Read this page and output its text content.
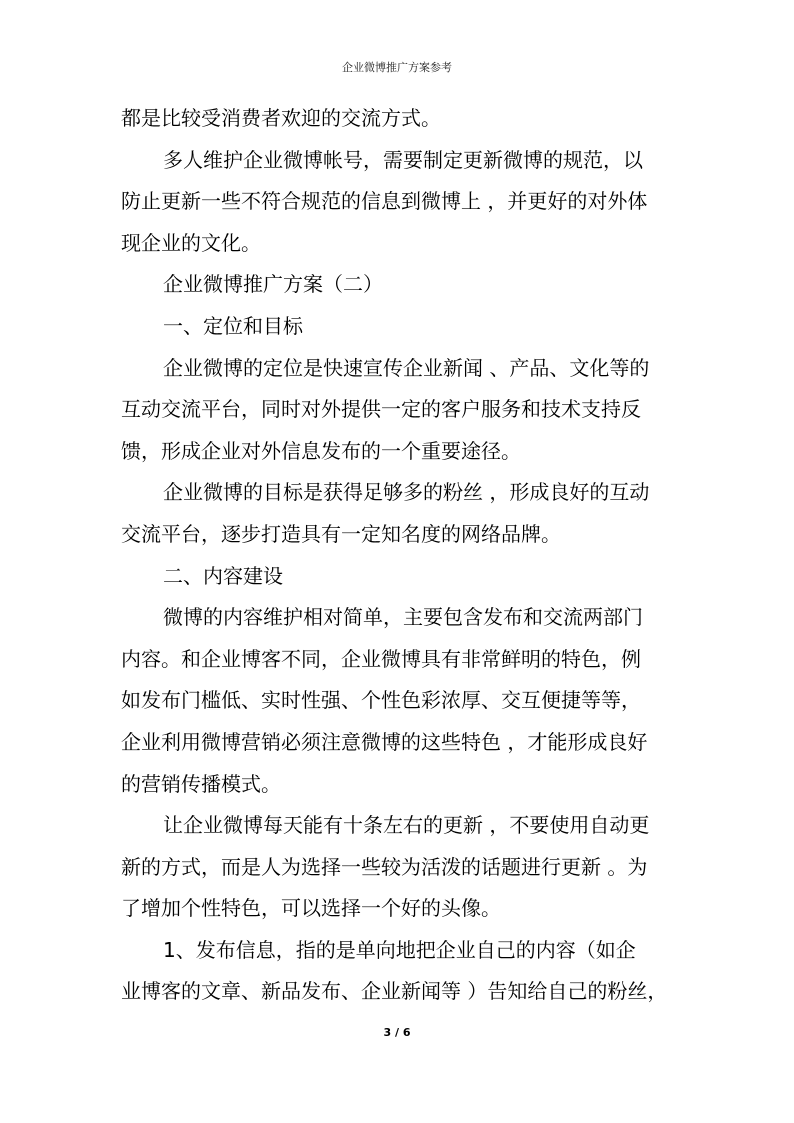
企业微博推广方案参考

都是比较受消费者欢迎的交流方式。

多人维护企业微博帐号，需要制定更新微博的规范，以

防止更新一些不符合规范的信息到微博上 ，并更好的对外体

现企业的文化。

企业微博推广方案（二）

一、定位和目标

企业微博的定位是快速宣传企业新闻 、产品、文化等的

互动交流平台，同时对外提供一定的客户服务和技术支持反

馈，形成企业对外信息发布的一个重要途径。

企业微博的目标是获得足够多的粉丝 ，形成良好的互动

交流平台，逐步打造具有一定知名度的网络品牌。

二、内容建设

微博的内容维护相对简单，主要包含发布和交流两部门

内容。和企业博客不同，企业微博具有非常鲜明的特色，例

如发布门槛低、实时性强、个性色彩浓厚、交互便捷等等，

企业利用微博营销必须注意微博的这些特色 ，才能形成良好

的营销传播模式。

让企业微博每天能有十条左右的更新 ，不要使用自动更

新的方式，而是人为选择一些较为活泼的话题进行更新 。为

了增加个性特色，可以选择一个好的头像。

1、发布信息，指的是单向地把企业自己的内容（如企

业博客的文章、新品发布、企业新闻等 ）告知给自己的粉丝，

3 / 6
